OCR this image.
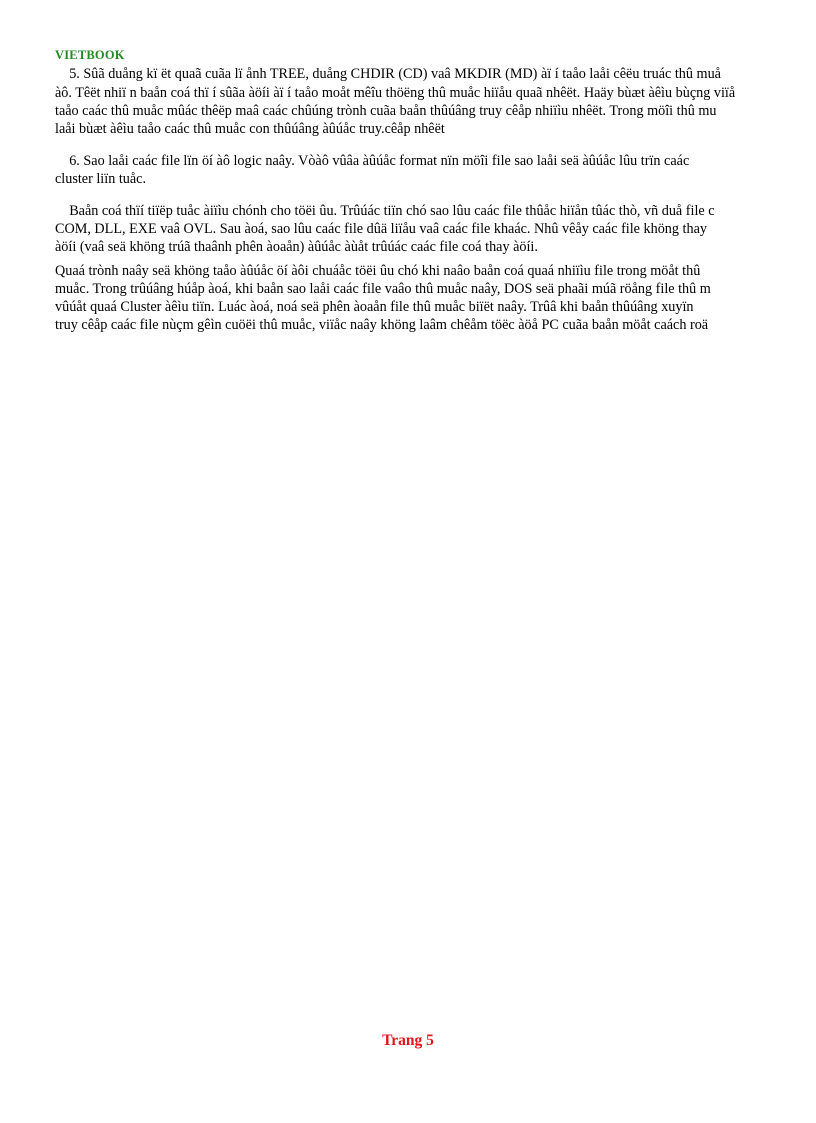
VIETBOOK
5. Sûã duång kï ët quaã cuãa lï ånh TREE, duång CHDIR (CD) vaâ MKDIR (MD) àï í taåo laåi cêëu truác thû muå
àô. Têët nhiï n baån coá thï í sûãa àöíi àï í taåo moåt mêîu thöëng thû muåc hiïåu quaã nhêët. Haäy bùæt àêìu bùçng viïå
taåo caác thû muåc mûác thêëp maâ caác chûúng trònh cuãa baån thûúâng truy cêåp nhiïìu nhêët. Trong möîi thû mu
laåi bùæt àêìu taåo caác thû muåc con thûúâng àûúåc truy.cêåp nhêët
6. Sao laåi caác file lïn öí àô logic naây. Vòàô vûâa àûúåc format nïn möîi file sao laåi seä àûúåc lûu trïn caác
cluster liïn tuåc.
Baån coá thïí tiïëp tuåc àiïìu chónh cho töëi ûu. Trûúác tiïn chó sao lûu caác file thûåc hiïån tûác thò, vñ duå file c
COM, DLL, EXE vaâ OVL. Sau àoá, sao lûu caác file dûä liïåu vaâ caác file khaác. Nhû vêåy caác file khöng thay
àöíi (vaâ seä khöng trúã thaânh phên àoaån) àûúåc àùåt trûúác caác file coá thay àöíi.
Quaá trònh naây seä khöng taåo àûúåc öí àôi chuáåc töëi ûu chó khi naâo baån coá quaá nhiïìu file trong möåt thû
muåc. Trong trûúâng húåp àoá, khi baån sao laåi caác file vaâo thû muåc naây, DOS seä phaãi múã röång file thû m
vûúåt quaá Cluster àêìu tiïn. Luác àoá, noá seä phên àoaån file thû muåc biïët naây. Trûâ khi baån thûúâng xuyïn
truy cêåp caác file nùçm gêìn cuöëi thû muåc, viïåc naây khöng laâm chêåm töëc àöå PC cuãa baån möåt caách roä
Trang 5
